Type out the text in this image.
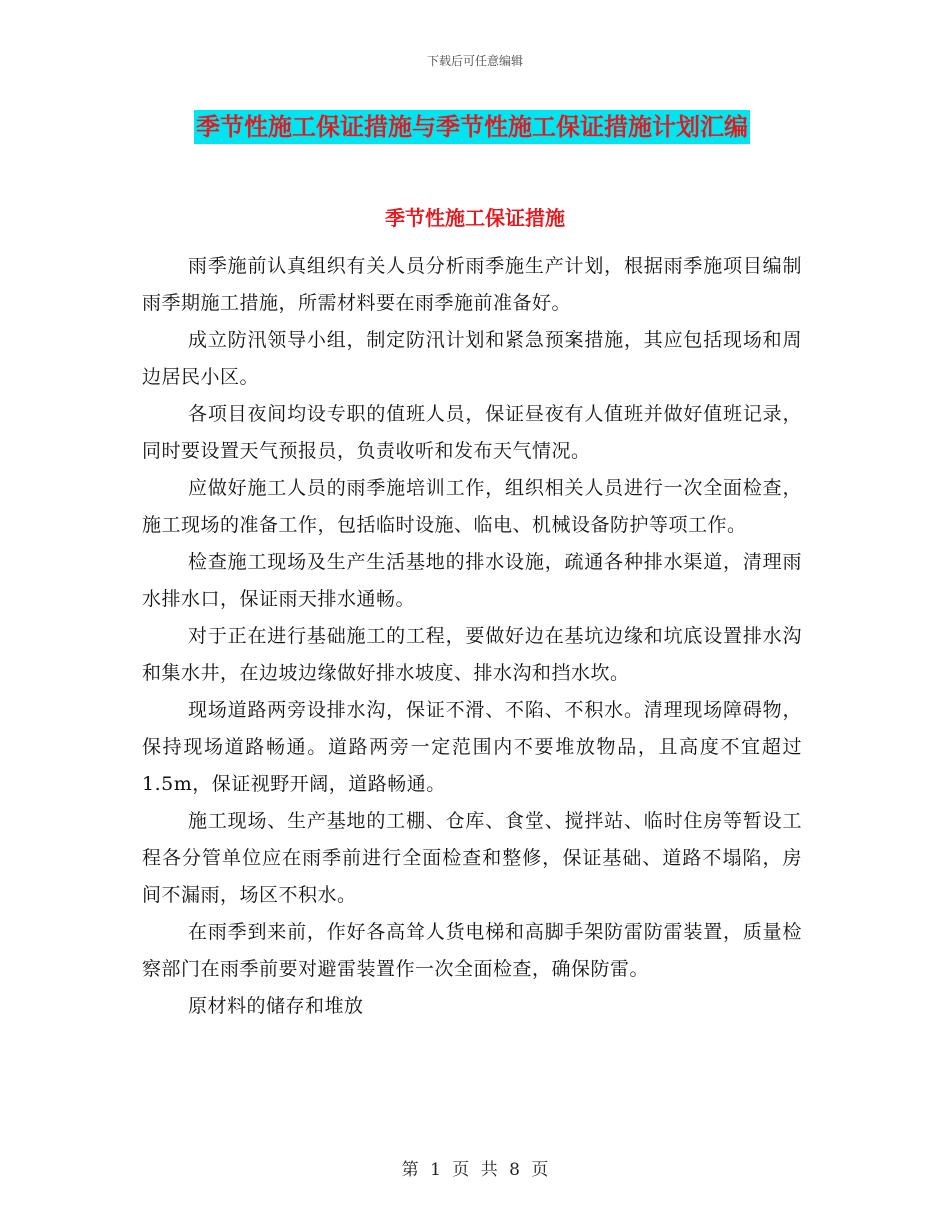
下载后可任意编辑
季节性施工保证措施与季节性施工保证措施计划汇编
季节性施工保证措施

雨季施前认真组织有关人员分析雨季施生产计划，根据雨季施项目编制雨季期施工措施，所需材料要在雨季施前准备好。

成立防汛领导小组，制定防汛计划和紧急预案措施，其应包括现场和周边居民小区。

各项目夜间均设专职的值班人员，保证昼夜有人值班并做好值班记录，同时要设置天气预报员，负责收听和发布天气情况。

应做好施工人员的雨季施培训工作，组织相关人员进行一次全面检查，施工现场的准备工作，包括临时设施、临电、机械设备防护等项工作。

检查施工现场及生产生活基地的排水设施，疏通各种排水渠道，清理雨水排水口，保证雨天排水通畅。

对于正在进行基础施工的工程，要做好边在基坑边缘和坑底设置排水沟和集水井，在边坡边缘做好排水坡度、排水沟和挡水坎。

现场道路两旁设排水沟，保证不滑、不陷、不积水。清理现场障碍物，保持现场道路畅通。道路两旁一定范围内不要堆放物品，且高度不宜超过1.5m，保证视野开阔，道路畅通。

施工现场、生产基地的工棚、仓库、食堂、搅拌站、临时住房等暂设工程各分管单位应在雨季前进行全面检查和整修，保证基础、道路不塌陷，房间不漏雨，场区不积水。

在雨季到来前，作好各高耸人货电梯和高脚手架防雷防雷装置，质量检察部门在雨季前要对避雷装置作一次全面检查，确保防雷。

原材料的储存和堆放

第 1 页 共 8 页
